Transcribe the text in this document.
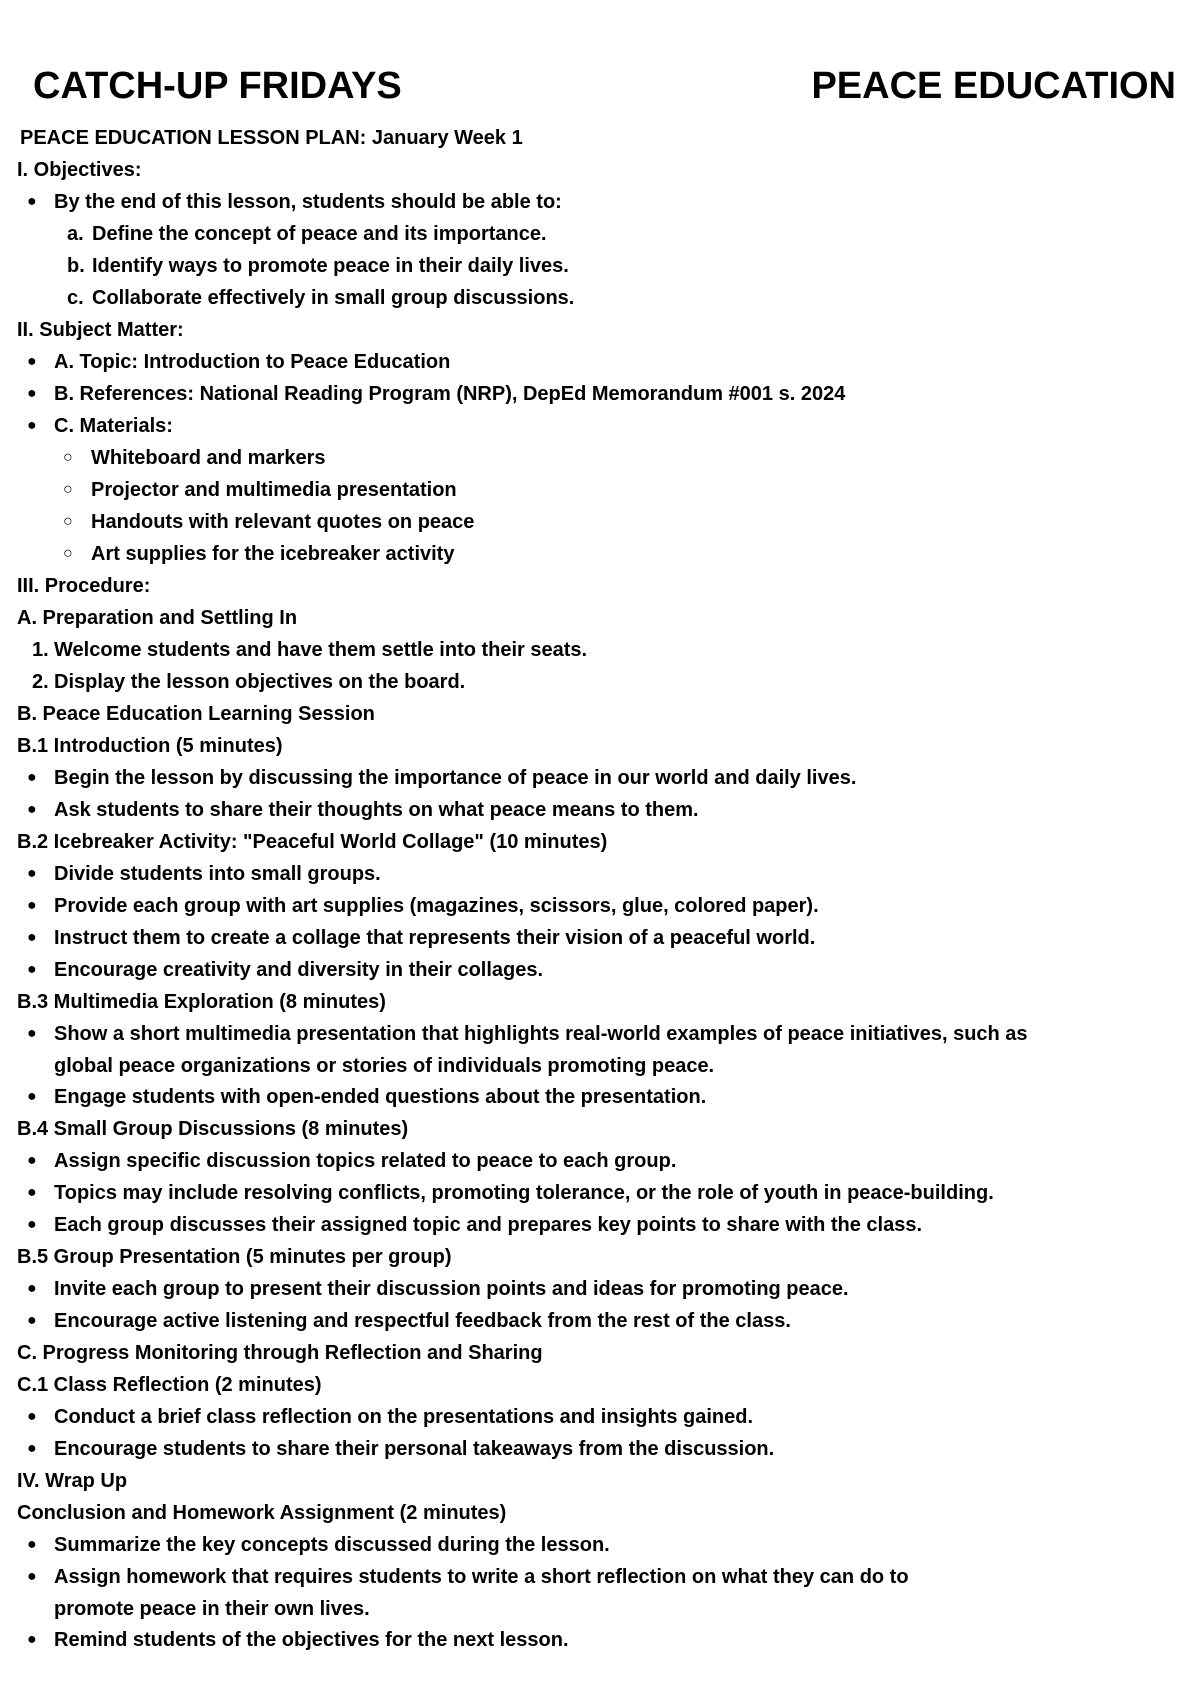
CATCH-UP FRIDAYS	PEACE EDUCATION
PEACE EDUCATION LESSON PLAN: January Week 1
I. Objectives:
● By the end of this lesson, students should be able to:
a. Define the concept of peace and its importance.
b. Identify ways to promote peace in their daily lives.
c. Collaborate effectively in small group discussions.
II. Subject Matter:
● A. Topic: Introduction to Peace Education
● B. References: National Reading Program (NRP), DepEd Memorandum #001 s. 2024
● C. Materials:
○ Whiteboard and markers
○ Projector and multimedia presentation
○ Handouts with relevant quotes on peace
○ Art supplies for the icebreaker activity
III. Procedure:
A. Preparation and Settling In
1. Welcome students and have them settle into their seats.
2. Display the lesson objectives on the board.
B. Peace Education Learning Session
B.1 Introduction (5 minutes)
● Begin the lesson by discussing the importance of peace in our world and daily lives.
● Ask students to share their thoughts on what peace means to them.
B.2 Icebreaker Activity: "Peaceful World Collage" (10 minutes)
● Divide students into small groups.
● Provide each group with art supplies (magazines, scissors, glue, colored paper).
● Instruct them to create a collage that represents their vision of a peaceful world.
● Encourage creativity and diversity in their collages.
B.3 Multimedia Exploration (8 minutes)
● Show a short multimedia presentation that highlights real-world examples of peace initiatives, such as
global peace organizations or stories of individuals promoting peace.
● Engage students with open-ended questions about the presentation.
B.4 Small Group Discussions (8 minutes)
● Assign specific discussion topics related to peace to each group.
● Topics may include resolving conflicts, promoting tolerance, or the role of youth in peace-building.
● Each group discusses their assigned topic and prepares key points to share with the class.
B.5 Group Presentation (5 minutes per group)
● Invite each group to present their discussion points and ideas for promoting peace.
● Encourage active listening and respectful feedback from the rest of the class.
C. Progress Monitoring through Reflection and Sharing
C.1 Class Reflection (2 minutes)
● Conduct a brief class reflection on the presentations and insights gained.
● Encourage students to share their personal takeaways from the discussion.
IV. Wrap Up
Conclusion and Homework Assignment (2 minutes)
● Summarize the key concepts discussed during the lesson.
● Assign homework that requires students to write a short reflection on what they can do to
promote peace in their own lives.
● Remind students of the objectives for the next lesson.
